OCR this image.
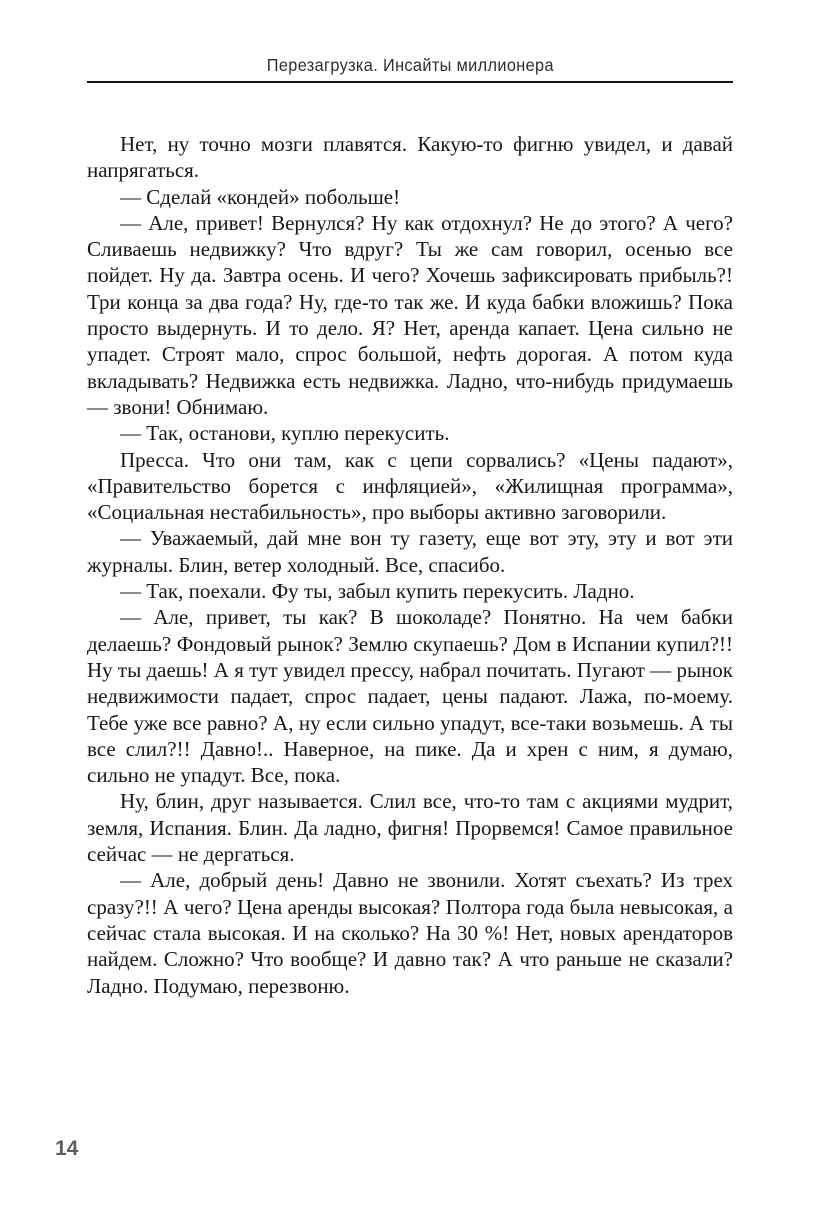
Перезагрузка. Инсайты миллионера

Нет, ну точно мозги плавятся. Какую-то фигню увидел, и давай напрягаться.

— Сделай «кондей» побольше!

— Але, привет! Вернулся? Ну как отдохнул? Не до этого? А чего? Сливаешь недвижку? Что вдруг? Ты же сам говорил, осенью все пойдет. Ну да. Завтра осень. И чего? Хочешь зафиксировать прибыль?! Три конца за два года? Ну, где-то так же. И куда бабки вложишь? Пока просто выдернуть. И то дело. Я? Нет, аренда капает. Цена сильно не упадет. Строят мало, спрос большой, нефть дорогая. А потом куда вкладывать? Недвижка есть недвижка. Ладно, что-нибудь придумаешь — звони! Обнимаю.

— Так, останови, куплю перекусить.

Пресса. Что они там, как с цепи сорвались? «Цены падают», «Правительство борется с инфляцией», «Жилищная программа», «Социальная нестабильность», про выборы активно заговорили.

— Уважаемый, дай мне вон ту газету, еще вот эту, эту и вот эти журналы. Блин, ветер холодный. Все, спасибо.

— Так, поехали. Фу ты, забыл купить перекусить. Ладно.

— Але, привет, ты как? В шоколаде? Понятно. На чем бабки делаешь? Фондовый рынок? Землю скупаешь? Дом в Испании купил?!! Ну ты даешь! А я тут увидел прессу, набрал почитать. Пугают — рынок недвижимости падает, спрос падает, цены падают. Лажа, по-моему. Тебе уже все равно? А, ну если сильно упадут, все-таки возьмешь. А ты все слил?!! Давно!.. Наверное, на пике. Да и хрен с ним, я думаю, сильно не упадут. Все, пока.

Ну, блин, друг называется. Слил все, что-то там с акциями мудрит, земля, Испания. Блин. Да ладно, фигня! Прорвемся! Самое правильное сейчас — не дергаться.

— Але, добрый день! Давно не звонили. Хотят съехать? Из трех сразу?!! А чего? Цена аренды высокая? Полтора года была невысокая, а сейчас стала высокая. И на сколько? На 30 %! Нет, новых арендаторов найдем. Сложно? Что вообще? И давно так? А что раньше не сказали? Ладно. Подумаю, перезвоню.

14
